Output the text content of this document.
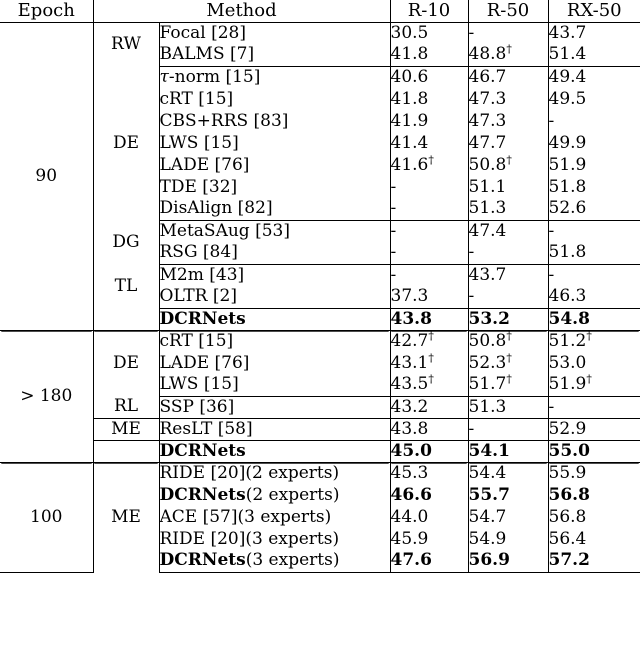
Epoch	Method		R-10	R-50	RX-50
90	RW	Focal [28]	30.5	-	43.7
		BALMS [7]	41.8	48.8†	51.4
	DE	τ-norm [15]	40.6	46.7	49.4
		cRT [15]	41.8	47.3	49.5
		CBS+RRS [83]	41.9	47.3	-
		LWS [15]	41.4	47.7	49.9
		LADE [76]	41.6†	50.8†	51.9
		TDE [32]	-	51.1	51.8
		DisAlign [82]	-	51.3	52.6
	DG	MetaSAug [53]	-	47.4	-
		RSG [84]	-	-	51.8
	TL	M2m [43]	-	43.7	-
		OLTR [2]	37.3	-	46.3
		DCRNets	43.8	53.2	54.8
> 180	DE	cRT [15]	42.7†	50.8†	51.2†
		LADE [76]	43.1†	52.3†	53.0
		LWS [15]	43.5†	51.7†	51.9†
	RL	SSP [36]	43.2	51.3	-
	ME	ResLT [58]	43.8	-	52.9
		DCRNets	45.0	54.1	55.0
100	ME	RIDE [20](2 experts)	45.3	54.4	55.9
		DCRNets(2 experts)	46.6	55.7	56.8
		ACE [57](3 experts)	44.0	54.7	56.8
		RIDE [20](3 experts)	45.9	54.9	56.4
		DCRNets(3 experts)	47.6	56.9	57.2
